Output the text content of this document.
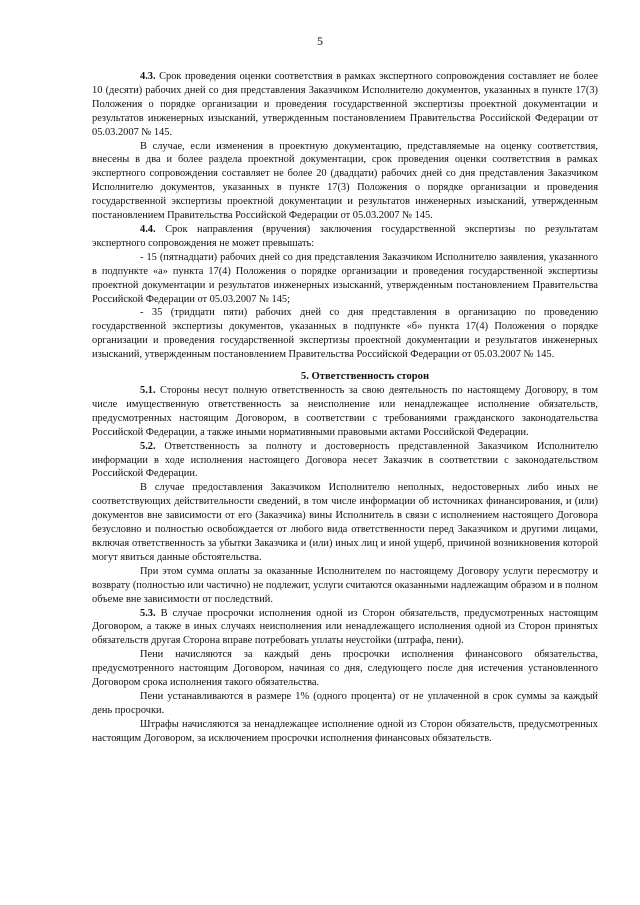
5

4.3. Срок проведения оценки соответствия в рамках экспертного сопровождения составляет не более 10 (десяти) рабочих дней со дня представления Заказчиком Исполнителю документов, указанных в пункте 17(3) Положения о порядке организации и проведения государственной экспертизы проектной документации и результатов инженерных изысканий, утвержденным постановлением Правительства Российской Федерации от 05.03.2007 № 145.

В случае, если изменения в проектную документацию, представляемые на оценку соответствия, внесены в два и более раздела проектной документации, срок проведения оценки соответствия в рамках экспертного сопровождения составляет не более 20 (двадцати) рабочих дней со дня представления Заказчиком Исполнителю документов, указанных в пункте 17(3) Положения о порядке организации и проведения государственной экспертизы проектной документации и результатов инженерных изысканий, утвержденным постановлением Правительства Российской Федерации от 05.03.2007 № 145.

4.4. Срок направления (вручения) заключения государственной экспертизы по результатам экспертного сопровождения не может превышать:

- 15 (пятнадцати) рабочих дней со дня представления Заказчиком Исполнителю заявления, указанного в подпункте «а» пункта 17(4) Положения о порядке организации и проведения государственной экспертизы проектной документации и результатов инженерных изысканий, утвержденным постановлением Правительства Российской Федерации от 05.03.2007 № 145;

- 35 (тридцати пяти) рабочих дней со дня представления в организацию по проведению государственной экспертизы документов, указанных в подпункте «б» пункта 17(4) Положения о порядке организации и проведения государственной экспертизы проектной документации и результатов инженерных изысканий, утвержденным постановлением Правительства Российской Федерации от 05.03.2007 № 145.

5. Ответственность сторон

5.1. Стороны несут полную ответственность за свою деятельность по настоящему Договору, в том числе имущественную ответственность за неисполнение или ненадлежащее исполнение обязательств, предусмотренных настоящим Договором, в соответствии с требованиями гражданского законодательства Российской Федерации, а также иными нормативными правовыми актами Российской Федерации.

5.2. Ответственность за полноту и достоверность представленной Заказчиком Исполнителю информации в ходе исполнения настоящего Договора несет Заказчик в соответствии с законодательством Российской Федерации.

В случае предоставления Заказчиком Исполнителю неполных, недостоверных либо иных не соответствующих действительности сведений, в том числе информации об источниках финансирования, и (или) документов вне зависимости от его (Заказчика) вины Исполнитель в связи с исполнением настоящего Договора безусловно и полностью освобождается от любого вида ответственности перед Заказчиком и другими лицами, включая ответственность за убытки Заказчика и (или) иных лиц и иной ущерб, причиной возникновения которой могут явиться данные обстоятельства.

При этом сумма оплаты за оказанные Исполнителем по настоящему Договору услуги пересмотру и возврату (полностью или частично) не подлежит, услуги считаются оказанными надлежащим образом и в полном объеме вне зависимости от последствий.

5.3. В случае просрочки исполнения одной из Сторон обязательств, предусмотренных настоящим Договором, а также в иных случаях неисполнения или ненадлежащего исполнения одной из Сторон принятых обязательств другая Сторона вправе потребовать уплаты неустойки (штрафа, пени).

Пени начисляются за каждый день просрочки исполнения финансового обязательства, предусмотренного настоящим Договором, начиная со дня, следующего после дня истечения установленного Договором срока исполнения такого обязательства.

Пени устанавливаются в размере 1% (одного процента) от не уплаченной в срок суммы за каждый день просрочки.

Штрафы начисляются за ненадлежащее исполнение одной из Сторон обязательств, предусмотренных настоящим Договором, за исключением просрочки исполнения финансовых обязательств.
